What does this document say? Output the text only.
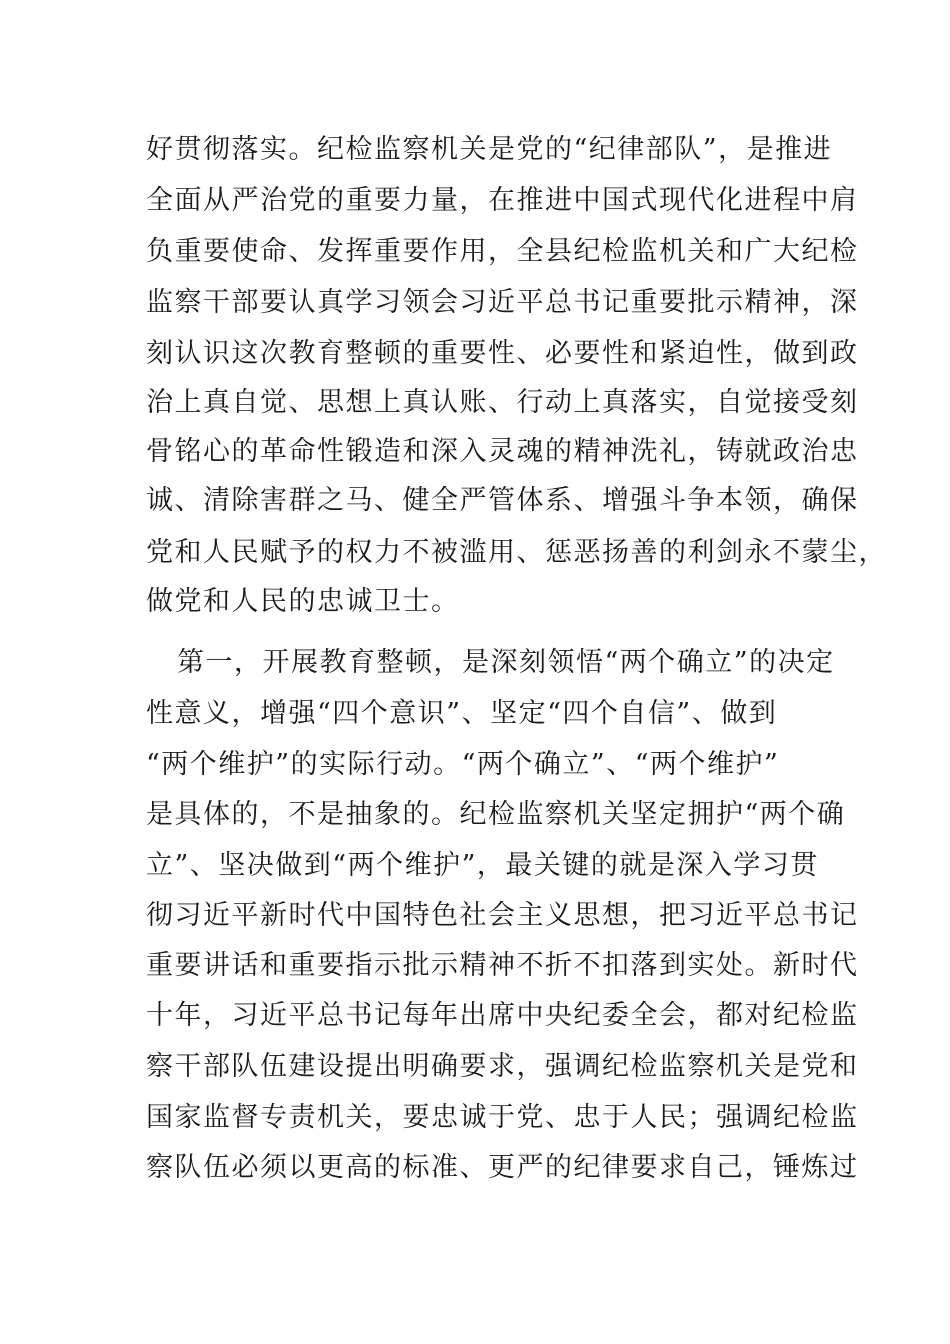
好贯彻落实。纪检监察机关是党的“纪律部队”，是推进
全面从严治党的重要力量，在推进中国式现代化进程中肩
负重要使命、发挥重要作用，全县纪检监机关和广大纪检
监察干部要认真学习领会习近平总书记重要批示精神，深
刻认识这次教育整顿的重要性、必要性和紧迫性，做到政
治上真自觉、思想上真认账、行动上真落实，自觉接受刻
骨铭心的革命性锻造和深入灵魂的精神洗礼，铸就政治忠
诚、清除害群之马、健全严管体系、增强斗争本领，确保
党和人民赋予的权力不被滥用、惩恶扬善的利剑永不蒙尘，
做党和人民的忠诚卫士。
第一，开展教育整顿，是深刻领悟“两个确立”的决定
性意义，增强“四个意识”、坚定“四个自信”、做到
“两个维护”的实际行动。“两个确立”、“两个维护”
是具体的，不是抽象的。纪检监察机关坚定拥护“两个确
立”、坚决做到“两个维护”，最关键的就是深入学习贯
彻习近平新时代中国特色社会主义思想，把习近平总书记
重要讲话和重要指示批示精神不折不扣落到实处。新时代
十年，习近平总书记每年出席中央纪委全会，都对纪检监
察干部队伍建设提出明确要求，强调纪检监察机关是党和
国家监督专责机关，要忠诚于党、忠于人民；强调纪检监
察队伍必须以更高的标准、更严的纪律要求自己，锤炼过
